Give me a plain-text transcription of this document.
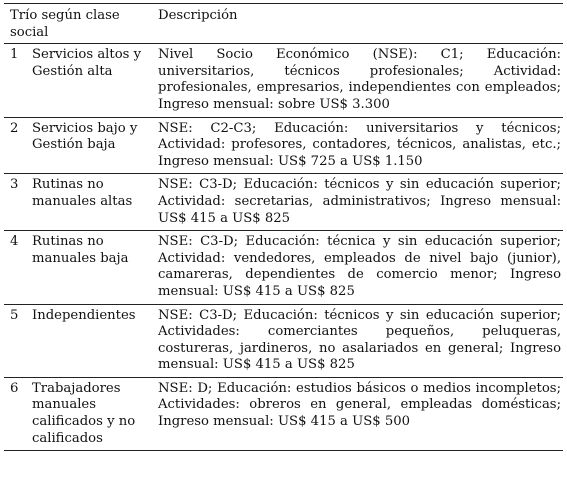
Trío según clase social		Descripción
1	Servicios altos y Gestión alta	Nivel Socio Económico (NSE): C1; Educación: universitarios, técnicos profesionales; Actividad: profesionales, empresarios, independientes con empleados; Ingreso mensual: sobre US$ 3.300
2	Servicios bajo y Gestión baja	NSE: C2-C3; Educación: universitarios y técnicos; Actividad: profesores, contadores, técnicos, analistas, etc.; Ingreso mensual: US$ 725 a US$ 1.150
3	Rutinas no manuales altas	NSE: C3-D; Educación: técnicos y sin educación superior; Actividad: secretarias, administrativos; Ingreso mensual: US$ 415 a US$ 825
4	Rutinas no manuales baja	NSE: C3-D; Educación: técnica y sin educación superior; Actividad: vendedores, empleados de nivel bajo (junior), camareras, dependientes de comercio menor; Ingreso mensual: US$ 415 a US$ 825
5	Independientes	NSE: C3-D; Educación: técnicos y sin educación superior; Actividades: comerciantes pequeños, peluqueras, costureras, jardineros, no asalariados en general; Ingreso mensual: US$ 415 a US$ 825
6	Trabajadores manuales calificados y no calificados	NSE: D; Educación: estudios básicos o medios incompletos; Actividades: obreros en general, empleadas domésticas; Ingreso mensual: US$ 415 a US$ 500
